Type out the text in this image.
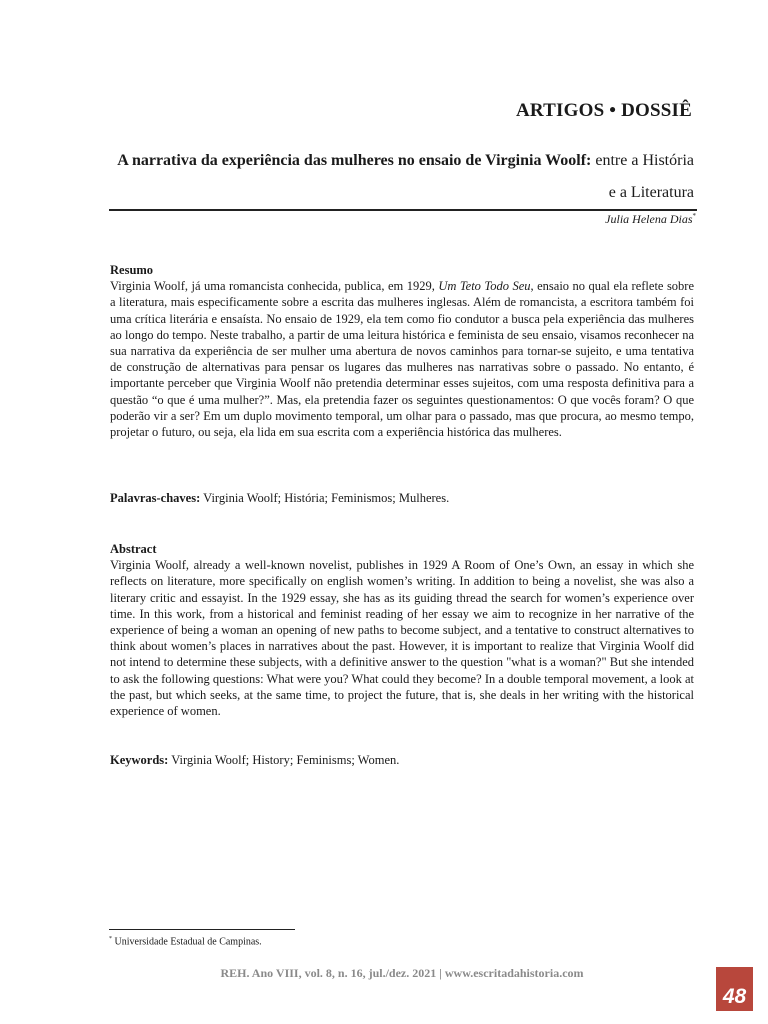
ARTIGOS • DOSSIÊ
A narrativa da experiência das mulheres no ensaio de Virginia Woolf: entre a História e a Literatura
Julia Helena Dias*
Resumo
Virginia Woolf, já uma romancista conhecida, publica, em 1929, Um Teto Todo Seu, ensaio no qual ela reflete sobre a literatura, mais especificamente sobre a escrita das mulheres inglesas. Além de romancista, a escritora também foi uma crítica literária e ensaísta. No ensaio de 1929, ela tem como fio condutor a busca pela experiência das mulheres ao longo do tempo. Neste trabalho, a partir de uma leitura histórica e feminista de seu ensaio, visamos reconhecer na sua narrativa da experiência de ser mulher uma abertura de novos caminhos para tornar-se sujeito, e uma tentativa de construção de alternativas para pensar os lugares das mulheres nas narrativas sobre o passado. No entanto, é importante perceber que Virginia Woolf não pretendia determinar esses sujeitos, com uma resposta definitiva para a questão “o que é uma mulher?”. Mas, ela pretendia fazer os seguintes questionamentos: O que vocês foram? O que poderão vir a ser? Em um duplo movimento temporal, um olhar para o passado, mas que procura, ao mesmo tempo, projetar o futuro, ou seja, ela lida em sua escrita com a experiência histórica das mulheres.
Palavras-chaves: Virginia Woolf; História; Feminismos; Mulheres.
Abstract
Virginia Woolf, already a well-known novelist, publishes in 1929 A Room of One’s Own, an essay in which she reflects on literature, more specifically on english women’s writing. In addition to being a novelist, she was also a literary critic and essayist. In the 1929 essay, she has as its guiding thread the search for women’s experience over time. In this work, from a historical and feminist reading of her essay we aim to recognize in her narrative of the experience of being a woman an opening of new paths to become subject, and a tentative to construct alternatives to think about women’s places in narratives about the past. However, it is important to realize that Virginia Woolf did not intend to determine these subjects, with a definitive answer to the question "what is a woman?" But she intended to ask the following questions: What were you? What could they become? In a double temporal movement, a look at the past, but which seeks, at the same time, to project the future, that is, she deals in her writing with the historical experience of women.
Keywords: Virginia Woolf; History; Feminisms; Women.
* Universidade Estadual de Campinas.
REH. Ano VIII, vol. 8, n. 16, jul./dez. 2021 | www.escritadahistoria.com
48
